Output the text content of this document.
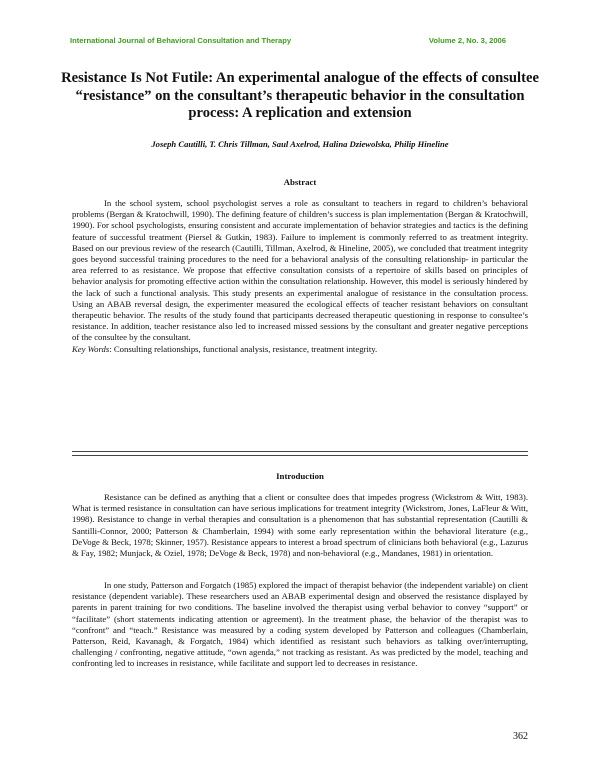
International Journal of Behavioral Consultation and Therapy	Volume 2, No. 3, 2006
Resistance Is Not Futile: An experimental analogue of the effects of consultee “resistance” on the consultant’s therapeutic behavior in the consultation process: A replication and extension
Joseph Cautilli, T. Chris Tillman, Saul Axelrod, Halina Dziewolska, Philip Hineline
Abstract

In the school system, school psychologist serves a role as consultant to teachers in regard to children’s behavioral problems (Bergan & Kratochwill, 1990). The defining feature of children’s success is plan implementation (Bergan & Kratochwill, 1990). For school psychologists, ensuring consistent and accurate implementation of behavior strategies and tactics is the defining feature of successful treatment (Piersel & Gutkin, 1983). Failure to implement is commonly referred to as treatment integrity. Based on our previous review of the research (Cautilli, Tillman, Axelrod, & Hineline, 2005), we concluded that treatment integrity goes beyond successful training procedures to the need for a behavioral analysis of the consulting relationship- in particular the area referred to as resistance. We propose that effective consultation consists of a repertoire of skills based on principles of behavior analysis for promoting effective action within the consultation relationship. However, this model is seriously hindered by the lack of such a functional analysis. This study presents an experimental analogue of resistance in the consultation process. Using an ABAB reversal design, the experimenter measured the ecological effects of teacher resistant behaviors on consultant therapeutic behavior. The results of the study found that participants decreased therapeutic questioning in response to consultee’s resistance. In addition, teacher resistance also led to increased missed sessions by the consultant and greater negative perceptions of the consultee by the consultant.

Key Words: Consulting relationships, functional analysis, resistance, treatment integrity.
Introduction

Resistance can be defined as anything that a client or consultee does that impedes progress (Wickstrom & Witt, 1983). What is termed resistance in consultation can have serious implications for treatment integrity (Wickstrom, Jones, LaFleur & Witt, 1998). Resistance to change in verbal therapies and consultation is a phenomenon that has substantial representation (Cautilli & Santilli-Connor, 2000; Patterson & Chamberlain, 1994) with some early representation within the behavioral literature (e.g., DeVoge & Beck, 1978; Skinner, 1957). Resistance appears to interest a broad spectrum of clinicians both behavioral (e.g., Lazurus & Fay, 1982; Munjack, & Oziel, 1978; DeVoge & Beck, 1978) and non-behavioral (e.g., Mandanes, 1981) in orientation.

In one study, Patterson and Forgatch (1985) explored the impact of therapist behavior (the independent variable) on client resistance (dependent variable). These researchers used an ABAB experimental design and observed the resistance displayed by parents in parent training for two conditions. The baseline involved the therapist using verbal behavior to convey “support” or “facilitate” (short statements indicating attention or agreement). In the treatment phase, the behavior of the therapist was to “confront” and “teach.” Resistance was measured by a coding system developed by Patterson and colleagues (Chamberlain, Patterson, Reid, Kavanagh, & Forgatch, 1984) which identified as resistant such behaviors as talking over/interrupting, challenging / confronting, negative attitude, “own agenda,” not tracking as resistant. As was predicted by the model, teaching and confronting led to increases in resistance, while facilitate and support led to decreases in resistance.

362
